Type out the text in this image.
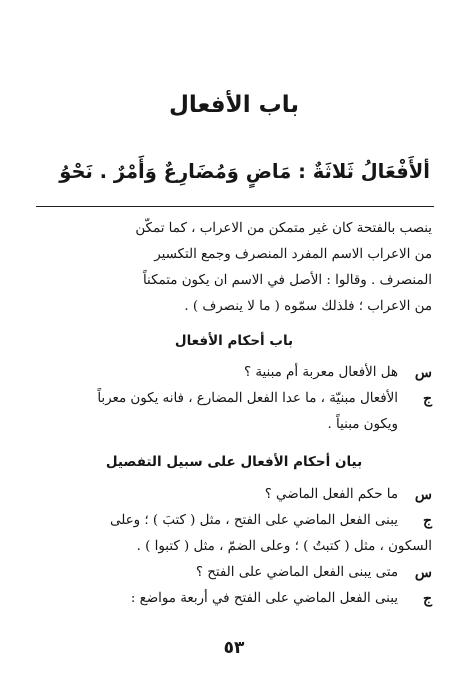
باب الأفعال
ألأَفْعَالُ ثَلاثَةٌ : مَاضٍ وَمُضَارِعٌ وَأَمْرٌ . نَحْوُ
ينصب بالفتحة كان غير متمكن من الاعراب ، كما تمكّن
من الاعراب الاسم المفرد المنصرف وجمع التكسير
المنصرف . وقالوا : الأصل في الاسم ان يكون متمكناً
من الاعراب ؛ فلذلك سمّوه ( ما لا ينصرف ) .
باب أحكام الأفعال
س
هل الأفعال معربة أم مبنية ؟
ج
الأفعال مبنيّة ، ما عدا الفعل المضارع ، فانه يكون معرباً
ويكون مبنياً .
بيان أحكام الأفعال على سبيل التفصيل
س
ما حكم الفعل الماضي ؟
ج
يبنى الفعل الماضي على الفتح ، مثل ( كتبَ ) ؛ وعلى
السكون ، مثل ( كتبتُ ) ؛ وعلى الضمّ ، مثل ( كتبوا ) .
س
متى يبنى الفعل الماضي على الفتح ؟
ج
يبنى الفعل الماضي على الفتح في أربعة مواضع :
٥٣
